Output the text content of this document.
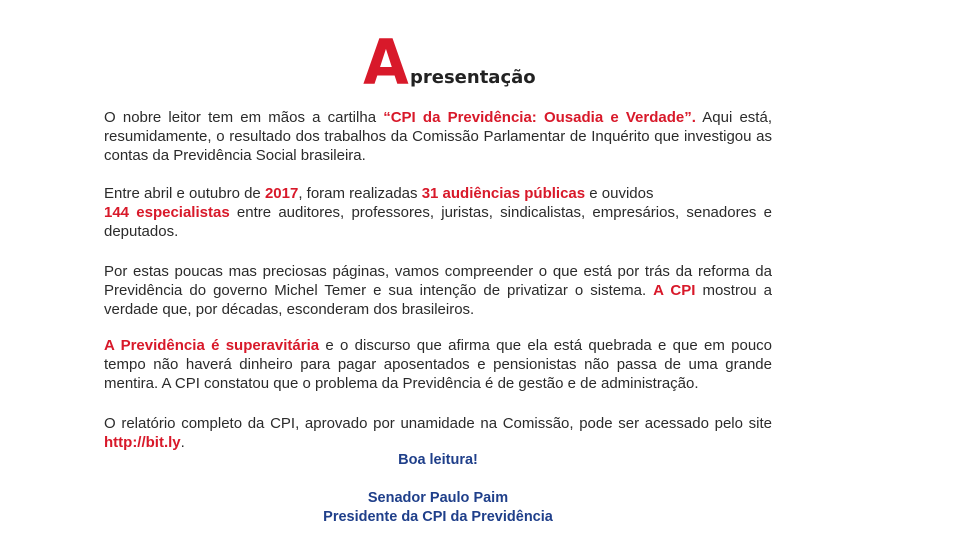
A presentação

O nobre leitor tem em mãos a cartilha “CPI da Previdência: Ousadia e Verdade”. Aqui está, resumidamente, o resultado dos trabalhos da Comissão Parlamentar de Inquérito que investigou as contas da Previdência Social brasileira.

Entre abril e outubro de 2017, foram realizadas 31 audiências públicas e ouvidos
144 especialistas entre auditores, professores, juristas, sindicalistas, empresários, senadores e deputados.

Por estas poucas mas preciosas páginas, vamos compreender o que está por trás da reforma da Previdência do governo Michel Temer e sua intenção de privatizar o sistema. A CPI mostrou a verdade que, por décadas, esconderam dos brasileiros.

A Previdência é superavitária e o discurso que afirma que ela está quebrada e que em pouco tempo não haverá dinheiro para pagar aposentados e pensionistas não passa de uma grande mentira. A CPI constatou que o problema da Previdência é de gestão e de administração.

O relatório completo da CPI, aprovado por unamidade na Comissão, pode ser acessado pelo site http://bit.ly.

Boa leitura!

Senador Paulo Paim

Presidente da CPI da Previdência
